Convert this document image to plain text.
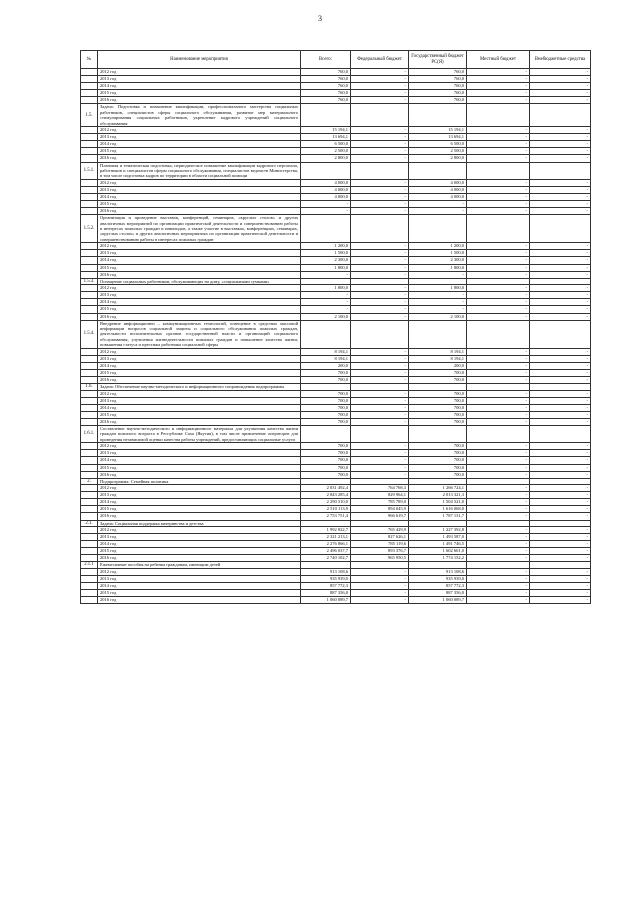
3
№	Наименование мероприятия	Всего:	Федеральный бюджет	Государственный бюджет РС(Я)	Местный бюджет	Внебюджетные средства
	2012 год	760,0	-	760,0	-	-
	2013 год	760,0	-	760,0	-	-
	2014 год	760,0	-	760,0	-	-
	2015 год	760,0	-	760,0	-	-
	2016 год	760,0	-	760,0	-	-
1.5.	Задача: Подготовка и повышение квалификации, профессионального мастерства социальных работников, специалистов сферы социального обслуживания, развитие мер материального стимулирования социальных работников, укрепление кадрового учреждений социального обслуживания					
	2012 год	15 194,1	-	15 194,1	-	-
	2013 год	13 694,1	-	13 694,1	-	-
	2014 год	6 500,0	-	6 500,0	-	-
	2015 год	2 500,0	-	2 500,0	-	-
	2016 год	2 800,0	-	2 800,0	-	-
1.5.1.	Плановая и тематическая подготовка, периодическое повышение квалификации кадрового персонала, работников и специалистов сферы социального обслуживания, специалистов ведомств Министерства, в том числе подготовка кадров по территории в области социальной помощи					
	2012 год	4 000,0	-	4 000,0	-	-
	2013 год	4 000,0	-	4 000,0	-	-
	2014 год	4 000,0	-	4 000,0	-	-
	2015 год	-	-	-	-	-
	2016 год	-	-	-	-	-
1.5.2.	Организация и проведение выставок, конференций, семинаров, «круглых столов» и других аналогичных мероприятий по организации практической деятельности и совершенствованию работы в интересах пожилых граждан и инвалидов, а также участие в выставках, конференциях, семинарах, «круглых столах» и других аналогичных мероприятиях по организации практической деятельности и совершенствованию работы в интересах пожилых граждан					
	2012 год	1 200,0	-	1 200,0	-	-
	2013 год	1 500,0	-	1 500,0	-	-
	2014 год	2 300,0	-	2 300,0	-	-
	2015 год	1 800,0	-	1 800,0	-	-
	2016 год	-	-	-	-	-
1.5.3.	Оснащение социальных работников, обслуживающих на дому, «социальными сумками»					
	2012 год	1 800,0	-	1 800,0	-	-
	2013 год	-	-	-	-	-
	2014 год	-	-	-	-	-
	2015 год	-	-	-	-	-
	2016 год	2 100,0	-	2 100,0	-	-
1.5.4.	Внедрение информационно – коммуникационных технологий, освещение в средствах массовой информации вопросов социальной защиты и социального обслуживания пожилых граждан, деятельности исполнительных органов государственной власти и организаций социального обслуживания, улучшения жизнедеятельности пожилых граждан и повышение качества жизни, повышения статуса и престижа работника социальной сферы					
	2012 год	8 194,1	-	8 194,1	-	-
	2013 год	8 194,1	-	8 194,1	-	-
	2014 год	200,0	-	200,0	-	-
	2015 год	700,0	-	700,0	-	-
	2016 год	700,0	-	700,0	-	-
1.6.	Задача: Обеспечение научно-методического и информационного сопровождения подпрограммы					
	2012 год	700,0	-	700,0	-	-
	2013 год	700,0	-	700,0	-	-
	2014 год	700,0	-	700,0	-	-
	2015 год	700,0	-	700,0	-	-
	2016 год	700,0	-	700,0	-	-
1.6.1.	Составление научно-методического и информационного материала для улучшения качества жизни граждан пожилого возраста в Республике Саха (Якутия), в том числе привлечение операторов для проведения независимой оценки качества работы учреждений, предоставляющих социальные услуги					
	2012 год	700,0	-	700,0	-	-
	2013 год	700,0	-	700,0	-	-
	2014 год	700,0	-	700,0	-	-
	2015 год	700,0	-	700,0	-	-
	2016 год	700,0	-	700,0	-	-
2.	Подпрограмма: Семейная политика					
	2012 год	2 031 492,4	764 768,3	1 266 724,1	-	-
	2013 год	2 843 285,4	829 964,1	2 013 321,3	-	-
	2014 год	2 290 310,0	785 789,0	1 504 521,0	-	-
	2015 год	2 510 113,9	894 045,9	1 616 068,0	-	-
	2016 год	2 753 751,4	966 619,7	1 787 131,7	-	-
2.1.	Задача: Социальная поддержка материнства и детства					
	2012 год	1 992 822,7	765 429,9	1 227 392,8	-	-
	2013 год	2 321 213,1	827 626,1	1 493 587,0	-	-
	2014 год	2 276 866,1	785 119,6	1 491 746,5	-	-
	2015 год	2 496 037,7	893 376,7	1 602 661,0	-	-
	2016 год	2 740 102,7	965 950,5	1 774 152,2	-	-
2.1.1	Ежемесячные пособия на ребенка гражданам, имеющим детей					
	2012 год	913 108,6	-	913 108,6	-	-
	2013 год	935 939,0	-	935 939,0	-	-
	2014 год	857 772,3	-	857 772,3	-	-
	2015 год	887 356,0	-	887 356,0	-	-
	2016 год	1 060 089,7	-	1 060 089,7	-	-
